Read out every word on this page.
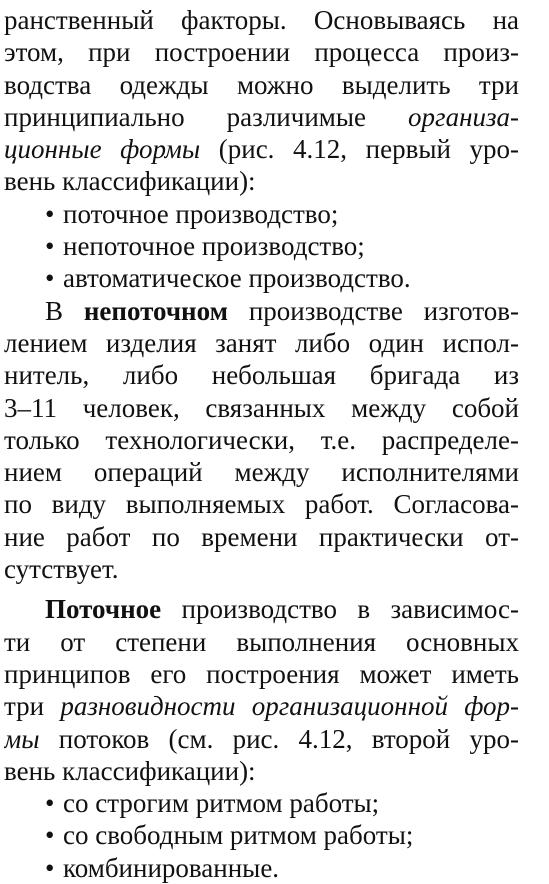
ранственный факторы. Основываясь на
этом, при построении процесса произ-
водства одежды можно выделить три
принципиально различимые организа-
ционные формы (рис. 4.12, первый уро-
вень классификации):
• поточное производство;
• непоточное производство;
• автоматическое производство.
В непоточном производстве изготов-
лением изделия занят либо один испол-
нитель, либо небольшая бригада из
3–11 человек, связанных между собой
только технологически, т.е. распределе-
нием операций между исполнителями
по виду выполняемых работ. Согласова-
ние работ по времени практически от-
сутствует.
Поточное производство в зависимос-
ти от степени выполнения основных
принципов его построения может иметь
три разновидности организационной фор-
мы потоков (см. рис. 4.12, второй уро-
вень классификации):
• со строгим ритмом работы;
• со свободным ритмом работы;
• комбинированные.
